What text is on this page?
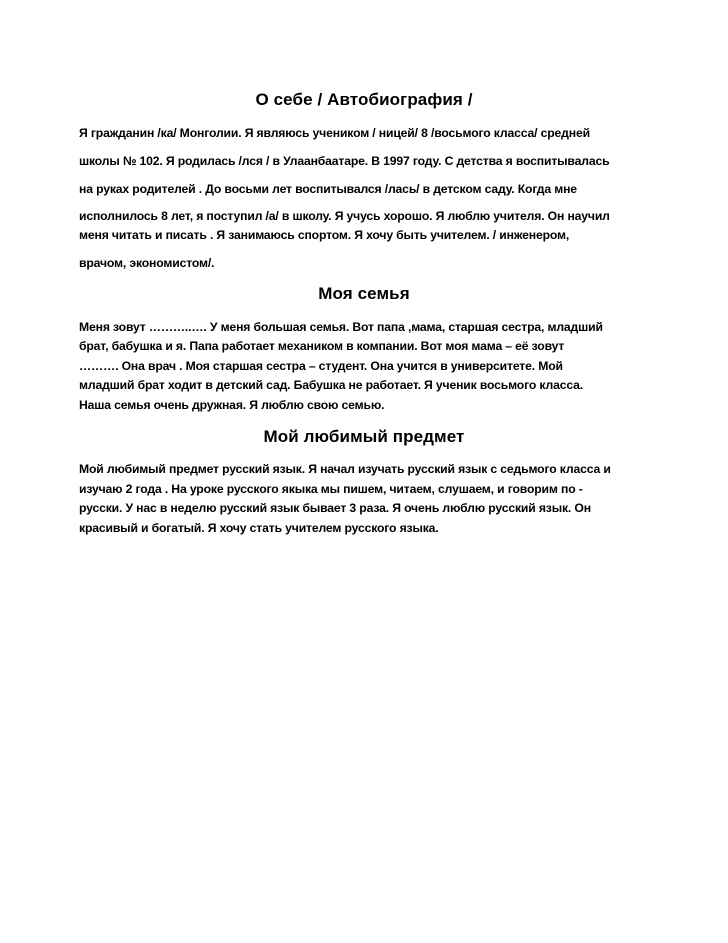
О себе / Автобиография /
Я гражданин /ка/ Монголии. Я являюсь учеником / ницей/ 8 /восьмого класса/ средней
школы № 102. Я родилась /лся / в Улаанбаатаре. В 1997 году. С детства я воспитывалась
на руках родителей . До восьми лет воспитывался /лась/ в детском саду. Когда мне
исполнилось 8 лет, я поступил /а/ в школу. Я учусь хорошо. Я люблю учителя. Он научил
меня читать и писать . Я занимаюсь спортом. Я хочу быть учителем. / инженером,
врачом, экономистом/.
Моя семья
Меня зовут ………..…. У меня большая семья. Вот папа ,мама, старшая сестра, младший
брат, бабушка и я. Папа работает механиком в компании. Вот моя мама – её зовут
………. Она врач . Моя старшая сестра – студент. Она учится в университете. Мой
младший брат ходит в детский сад. Бабушка не работает. Я ученик восьмого класса.
Наша семья очень дружная. Я люблю свою семью.
Мой любимый предмет
Мой любимый предмет русский язык. Я начал изучать русский язык с седьмого класса и
изучаю 2 года . На уроке русского якыка мы пишем, читаем, слушаем, и говорим по -
русски. У нас в неделю русский язык бывает 3 раза. Я очень люблю русский язык. Он
красивый и богатый. Я хочу стать учителем русского языка.
